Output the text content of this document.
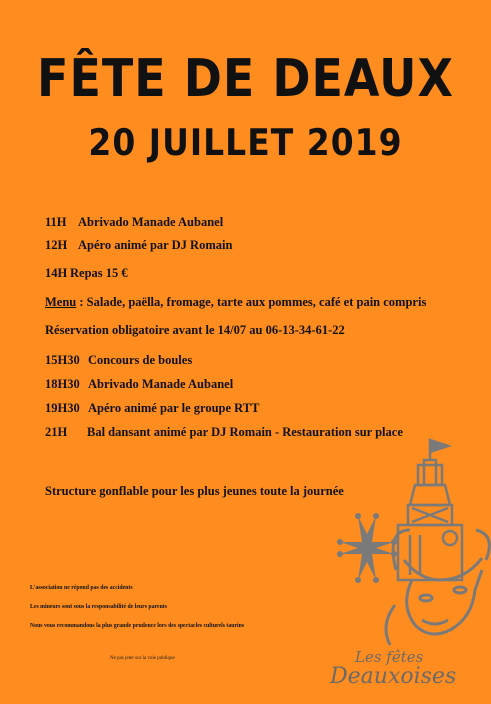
FÊTE DE DEAUX
20 JUILLET 2019
11H Abrivado Manade Aubanel
12H Apéro animé par DJ Romain
14H Repas 15 €
Menu : Salade, paëlla, fromage, tarte aux pommes, café et pain compris
Réservation obligatoire avant le 14/07 au 06-13-34-61-22
15H30 Concours de boules
18H30 Abrivado Manade Aubanel
19H30 Apéro animé par le groupe RTT
21H Bal dansant animé par DJ Romain - Restauration sur place
Structure gonflable pour les plus jeunes toute la journée
L'association ne répond pas des accidents
Les mineurs sont sous la responsabilité de leurs parents
Nous vous recommandons la plus grande prudence lors des spectacles culturels taurins
Ne pas jeter sur la voie publique	Les fêtes
Deauxoises
